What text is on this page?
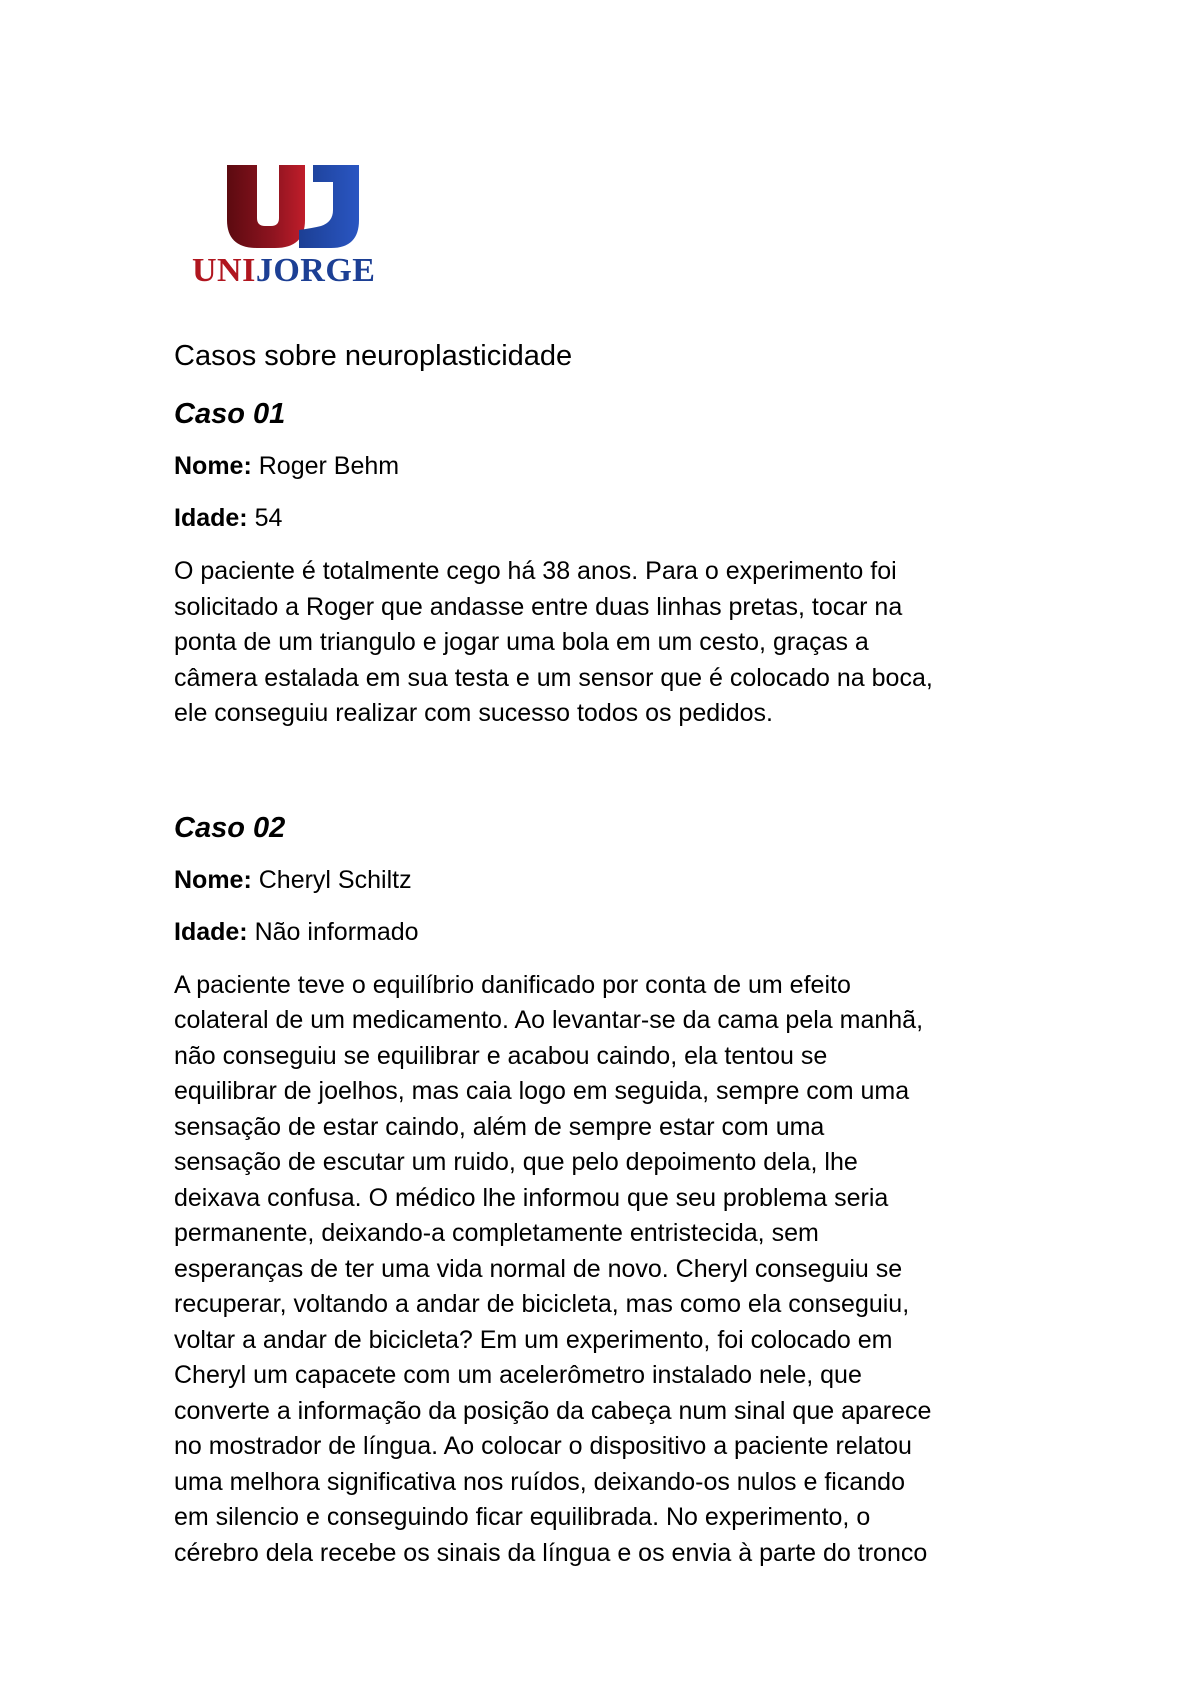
UNIJORGE
Casos sobre neuroplasticidade
Caso 01

Nome: Roger Behm

Idade: 54

O paciente é totalmente cego há 38 anos. Para o experimento foi
solicitado a Roger que andasse entre duas linhas pretas, tocar na
ponta de um triangulo e jogar uma bola em um cesto, graças a
câmera estalada em sua testa e um sensor que é colocado na boca,
ele conseguiu realizar com sucesso todos os pedidos.
Caso 02

Nome: Cheryl Schiltz

Idade: Não informado

A paciente teve o equilíbrio danificado por conta de um efeito
colateral de um medicamento. Ao levantar-se da cama pela manhã,
não conseguiu se equilibrar e acabou caindo, ela tentou se
equilibrar de joelhos, mas caia logo em seguida, sempre com uma
sensação de estar caindo, além de sempre estar com uma
sensação de escutar um ruido, que pelo depoimento dela, lhe
deixava confusa. O médico lhe informou que seu problema seria
permanente, deixando-a completamente entristecida, sem
esperanças de ter uma vida normal de novo. Cheryl conseguiu se
recuperar, voltando a andar de bicicleta, mas como ela conseguiu,
voltar a andar de bicicleta? Em um experimento, foi colocado em
Cheryl um capacete com um acelerômetro instalado nele, que
converte a informação da posição da cabeça num sinal que aparece
no mostrador de língua. Ao colocar o dispositivo a paciente relatou
uma melhora significativa nos ruídos, deixando-os nulos e ficando
em silencio e conseguindo ficar equilibrada. No experimento, o
cérebro dela recebe os sinais da língua e os envia à parte do tronco
